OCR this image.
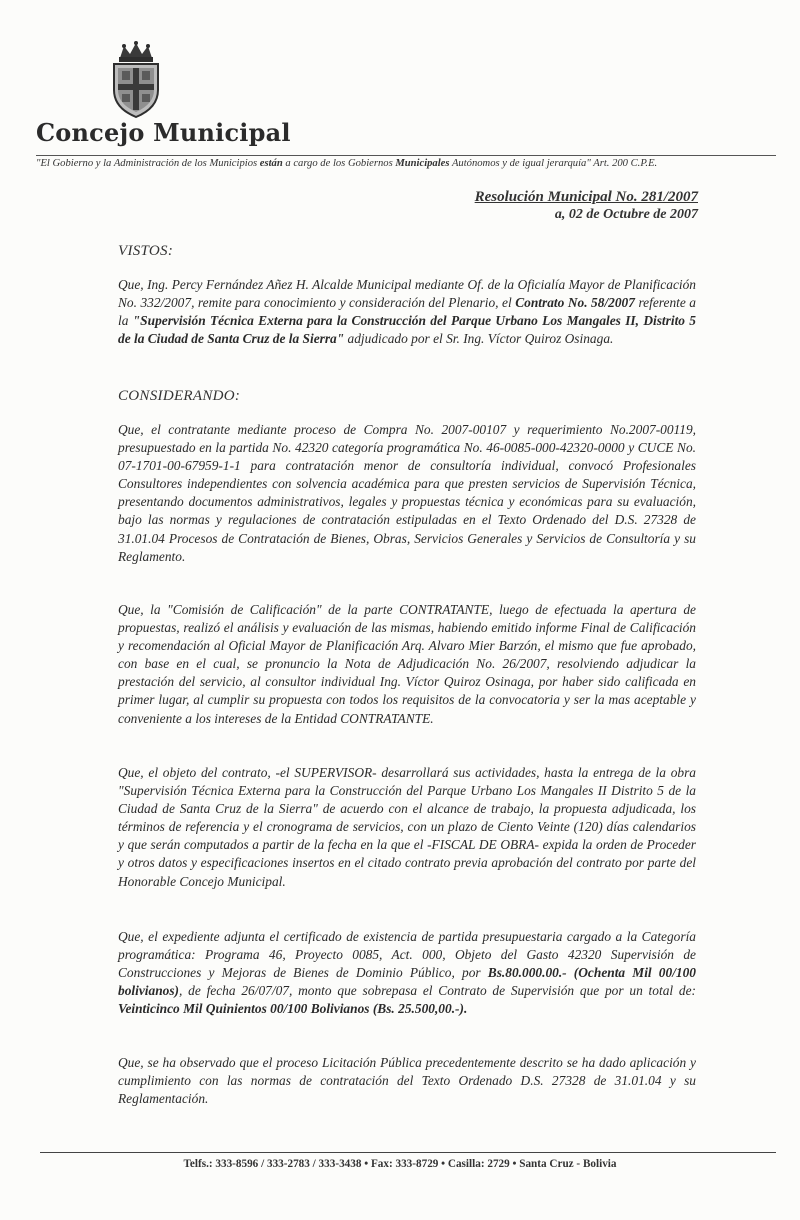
Concejo Municipal
"El Gobierno y la Administración de los Municipios están a cargo de los Gobiernos Municipales Autónomos y de igual jerarquía" Art. 200 C.P.E.
Resolución Municipal No. 281/2007
a, 02 de Octubre de 2007
VISTOS:
Que, Ing. Percy Fernández Añez H. Alcalde Municipal mediante Of. de la Oficialía Mayor de Planificación No. 332/2007, remite para conocimiento y consideración del Plenario, el Contrato No. 58/2007 referente a la "Supervisión Técnica Externa para la Construcción del Parque Urbano Los Mangales II, Distrito 5 de la Ciudad de Santa Cruz de la Sierra" adjudicado por el Sr. Ing. Víctor Quiroz Osinaga.
CONSIDERANDO:
Que, el contratante mediante proceso de Compra No. 2007-00107 y requerimiento No.2007-00119, presupuestado en la partida No. 42320 categoría programática No. 46-0085-000-42320-0000 y CUCE No. 07-1701-00-67959-1-1 para contratación menor de consultoría individual, convocó Profesionales Consultores independientes con solvencia académica para que presten servicios de Supervisión Técnica, presentando documentos administrativos, legales y propuestas técnica y económicas para su evaluación, bajo las normas y regulaciones de contratación estipuladas en el Texto Ordenado del D.S. 27328 de 31.01.04 Procesos de Contratación de Bienes, Obras, Servicios Generales y Servicios de Consultoría y su Reglamento.
Que, la "Comisión de Calificación" de la parte CONTRATANTE, luego de efectuada la apertura de propuestas, realizó el análisis y evaluación de las mismas, habiendo emitido informe Final de Calificación y recomendación al Oficial Mayor de Planificación Arq. Alvaro Mier Barzón, el mismo que fue aprobado, con base en el cual, se pronuncio la Nota de Adjudicación No. 26/2007, resolviendo adjudicar la prestación del servicio, al consultor individual Ing. Víctor Quiroz Osinaga, por haber sido calificada en primer lugar, al cumplir su propuesta con todos los requisitos de la convocatoria y ser la mas aceptable y conveniente a los intereses de la Entidad CONTRATANTE.
Que, el objeto del contrato, -el SUPERVISOR- desarrollará sus actividades, hasta la entrega de la obra "Supervisión Técnica Externa para la Construcción del Parque Urbano Los Mangales II Distrito 5 de la Ciudad de Santa Cruz de la Sierra" de acuerdo con el alcance de trabajo, la propuesta adjudicada, los términos de referencia y el cronograma de servicios, con un plazo de Ciento Veinte (120) días calendarios y que serán computados a partir de la fecha en la que el -FISCAL DE OBRA- expida la orden de Proceder y otros datos y especificaciones insertos en el citado contrato previa aprobación del contrato por parte del Honorable Concejo Municipal.
Que, el expediente adjunta el certificado de existencia de partida presupuestaria cargado a la Categoría programática: Programa 46, Proyecto 0085, Act. 000, Objeto del Gasto 42320 Supervisión de Construcciones y Mejoras de Bienes de Dominio Público, por Bs.80.000.00.- (Ochenta Mil 00/100 bolivianos), de fecha 26/07/07, monto que sobrepasa el Contrato de Supervisión que por un total de: Veinticinco Mil Quinientos 00/100 Bolivianos (Bs. 25.500,00.-).
Que, se ha observado que el proceso Licitación Pública precedentemente descrito se ha dado aplicación y cumplimiento con las normas de contratación del Texto Ordenado D.S. 27328 de 31.01.04 y su Reglamentación.
Telfs.: 333-8596 / 333-2783 / 333-3438 • Fax: 333-8729 • Casilla: 2729 • Santa Cruz - Bolivia
